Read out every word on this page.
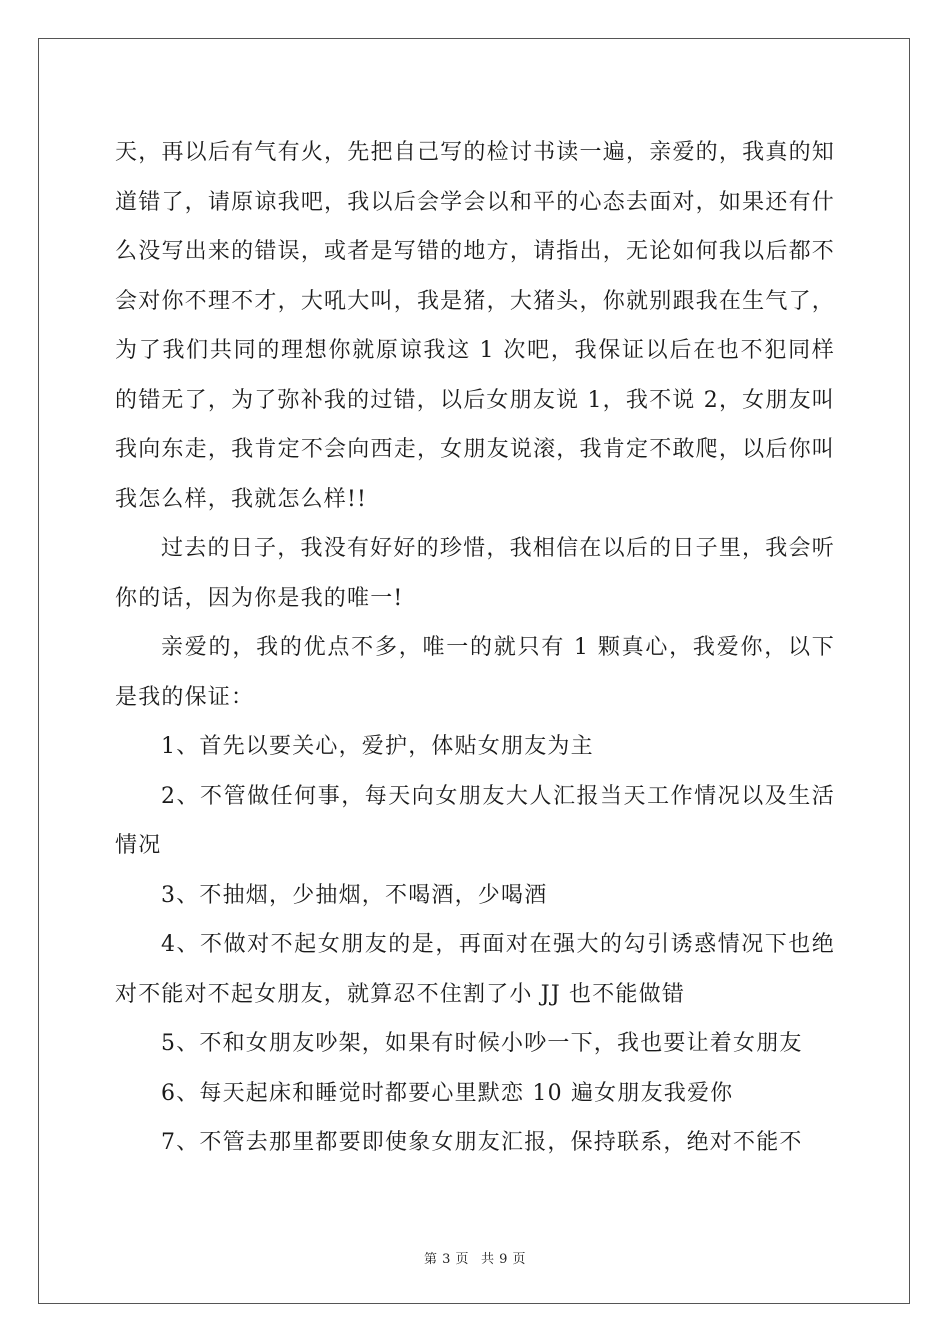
天，再以后有气有火，先把自己写的检讨书读一遍，亲爱的，我真的知道错了，请原谅我吧，我以后会学会以和平的心态去面对，如果还有什么没写出来的错误，或者是写错的地方，请指出，无论如何我以后都不会对你不理不才，大吼大叫，我是猪，大猪头，你就别跟我在生气了，为了我们共同的理想你就原谅我这 1 次吧，我保证以后在也不犯同样的错无了，为了弥补我的过错，以后女朋友说 1，我不说 2，女朋友叫我向东走，我肯定不会向西走，女朋友说滚，我肯定不敢爬，以后你叫我怎么样，我就怎么样!!

过去的日子，我没有好好的珍惜，我相信在以后的日子里，我会听你的话，因为你是我的唯一!

亲爱的，我的优点不多，唯一的就只有 1 颗真心，我爱你，以下是我的保证：

1、首先以要关心，爱护，体贴女朋友为主

2、不管做任何事，每天向女朋友大人汇报当天工作情况以及生活情况

3、不抽烟，少抽烟，不喝酒，少喝酒

4、不做对不起女朋友的是，再面对在强大的勾引诱惑情况下也绝对不能对不起女朋友，就算忍不住割了小 JJ 也不能做错

5、不和女朋友吵架，如果有时候小吵一下，我也要让着女朋友

6、每天起床和睡觉时都要心里默恋 10 遍女朋友我爱你

7、不管去那里都要即使象女朋友汇报，保持联系，绝对不能不

第 3 页 共 9 页
